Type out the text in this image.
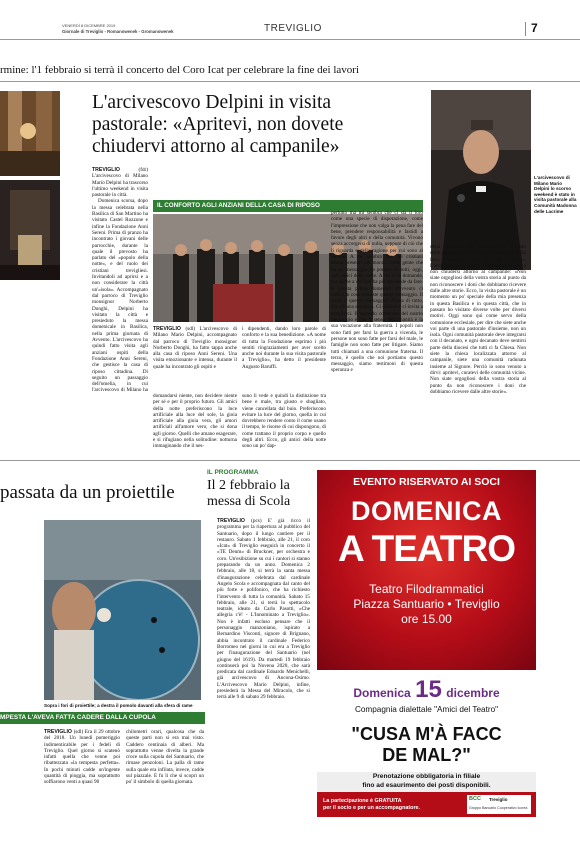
VENERDÌ 8 DICEMBRE 2019
Giornale di Treviglio - Romanowenek - Gromanowenek	TREVIGLIO	7
rmine: l'1 febbraio si terrà il concerto del Coro Icat per celebrare la fine dei lavori
L'arcivescovo Delpini in visita
pastorale: «Apritevi, non dovete
chiudervi attorno al campanile»
L'arcivescovo di Milano Mario Delpini lo scorso weekend è stato in visita pastorale alla Comunità Madonna delle Lacrime

TREVIGLIO	(fdr) L'arcivescovo di Milano Mario Delpini ha trascorso l'ultimo weekend in visita pastorale in città.

Domenica scorsa, dopo la messa celebrata nella Basilica di San Martino ha visitato Castel Rozzone e infine la Fondazione Anni Sereni. Prima di pranzo ha incontrato i giovani delle parrocchie, durante la quale il prevosto ha parlato del «popolo della notte», e del ruolo dei cristiani trevigliesi. Invitandoli ad aprirsi e a non considerare la città un'«isola». Accompagnato dal parroco di Treviglio monsignor Norberto Donghi, Delpini ha visitato la città e presieduto la messa domenicale in Basilica, nella prima giornata di Avvento. L'arcivescovo ha quindi fatto visita agli anziani ospiti della Fondazione Anni Sereni, che gestisce la casa di riposo cittadina. Di seguito un passaggio dell'omelia, in cui l'arcivescovo di Milano ha

IL CONFORTO AGLI ANZIANI DELLA CASA DI RIPOSO

TREVIGLIO (sdl) L'arcivescovo di Milano Mario Delpini, accompagnato dal parroco di Treviglio monsignor Norberto Donghi, ha fatto tappa anche alla casa di riposo Anni Sereni. Una visita emozionante e intensa, durante il quale ha incontrato gli ospiti e

i dipendenti, dando loro parole di conforto e la sua benedizione. «A nome di tutta la Fondazione esprimo i più sentiti ringraziamenti per aver scelto anche noi durante la sua visita pastorale a Treviglio», ha detto il presidente Augusto Baruffi.

domandarsi niente, non decidere niente per sé e per il proprio futuro. Gli amici della notte preferiscono la luce artificiale alla luce del sole, la gioia artificiale alla gioia vera, gli amori artificiali all'amore vero, che si dona agli giorno. Quelli che amano esagerare, e si rifugiano nella solitudine: notturna immaginando che il nes-

suno li vede e quindi la distinzione tra bene e male, tra giusto e sbagliato, viene cancellata dal buio. Preferiscono evitare la luce del giorno, quella in cui dovrebbero rendere conto il come usano il tempo, le risorse di cui dispongono, di come trattano il proprio corpo e quello degli altri. Ecco, gli amici della notte sono un po' dap-

pertutto ma mi sembra che ci sia il loro come una specie di disperazione, come l'impressione che non valga la pena fare del bene, prendere responsabilità e fastidi a favore degli altri e della comunità. Vivono senza accorgersi di nulla, neppure di ciò che li riguarda e della ragione per cui sono al mondo. A me sembra che noi cristiani siamo presenti nel mondo come gente che ha un messaggio da portare. E tutti, oggi, agli amici della notte. A chi si la domande, ma anche a chi non ha più domande da fare. E questa prima domenica d'avvento ci indica in cosa consiste questo messaggio. Il quale è questo messaggio? Prima di tutto, che c'è una speranza. Ci chiama e ci invita a svegliarci. Il secondo contenuto del nostro messaggio è che il senso dell'umanità è la sua vocazione alla fraternità. I popoli non sono fatti per farsi la guerra a vicenda, le persone non sono fatte per farsi del male, le famiglie non sono fatte per litigare. Siamo tutti chiamati a una comunione fraterna. Il terzo, è quello che noi portiamo questo messaggio, siamo testimoni di questa speranza e

della vocazione alla fraternità non facendo delle parole, ma rivestendoci delle opere della luce. Vivendo come lui ha vissuto». L'arcivescovo ha quindi esortato i trevigliesi a non chiudersi attorno al campanile: «Non siate orgogliosi della vostra storia al punto da non riconoscere i doni che dobbiamo ricevere dalle altre storie. Ecco, la visita pastorale è un momento un po' speciale della mia presenza in questa Basilica e in questa città, che in passato ho visitato diverse volte per diversi motivi. Oggi sono qui come servo della comunione ecclesiale, per dire che siete anche voi parte di una pastorale d'insieme, non un isola. Ogni comunità pastorale deve integrarsi con il decanato, e ogni decanato deve sentirsi parte della diocesi che tutti ci fa Chiesa. Non siete la chiesa localizzata attorno al campanile, siete una comunità radunata insieme al Signore. Perciò io sono venuto a dirvi: apritevi, curatevi delle comunità vicine. Non siate orgogliosi della vostra storia al punto da non riconoscere i doni che dobbiamo ricevere dalle altre storie».

passata da un proiettile
Sopra i fori di proiettile; a destra il pomolo davanti alla sfera di rame
MPESTA L'AVEVA FATTA CADERE DALLA CUPOLA

TREVIGLIO (sdl) Era il 29 ottobre del 2018. Un lunedì pomeriggio indimenticabile per i fedeli di Treviglio. Quel giorno si scatenò infatti quella che venne poi ribattezzata «la tempesta perfetta». In pochi minuti cadde un'ingente quantità di pioggia, ma soprattutto soffiarono venti a quasi 90

chilometri orari, qualcosa che da queste parti non si era mai visto. Caddero centinaia di alberi. Ma soprattutto venne divelta la grande croce sulla cupola del Santuario, che rimase penzoloni. La palla di rame sulla quale era infilata, invece, cadde sul piazzale. E fu lì che si scoprì un po' il simbolo di quella giornata.

IL PROGRAMMA
Il 2 febbraio la
messa di Scola

TREVIGLIO (pcs) E' già ricco il programma per la riapertura al pubblico del Santuario, dopo il lungo cantiere per il restauro. Sabato 1 febbraio, alle 21, il coro «Icat» di Treviglio eseguirà in concerto il «TE Deum» di Bruckner, per orchestra e coro. Un'esibizione su cui i cantori si stanno preparando da un anno. Domenica 2 febbraio, alle 18, si terrà la santa messa d'inaugurazione celebrata dal cardinale Angelo Scola e accompagnata dal canto del più forte e polifonico, che ha richiesto l'intervento di tutta la comunità. Sabato 15 febbraio, alle 21, si terrà lo spettacolo teatrale, ideato da Carlo Pasotti, «Che allegria c'è! - L'Innominato a Treviglio». Non è infatti escluso pensare che il personaggio manzoniano, ispirato a Bernardino Visconti, signore di Brignano, abbia incontrato il cardinale Federico Borromeo nel giorni in cui era a Treviglio per l'inaugurazione del Santuario (nel giugno del 1619). Da martedì 19 febbraio continuerà poi la Novena 2020, che sarà predicata dal cardinale Edoardo Menichelli, già arcivescovo di Ancona-Osimo. L'Arcivescovo Mario Delpini, infine, presiederà la Messa del Miracolo, che si terrà alle 9 di sabato 29 febbraio.

EVENTO RISERVATO AI SOCI
DOMENICA
A TEATRO
Teatro Filodrammatici
Piazza Santuario • Treviglio
ore 15.00
Domenica 15 dicembre
Compagnia dialettale "Amici del Teatro"
"CUSA M'À FACC
DE MAL?"
Prenotazione obbligatoria in filiale
fino ad esaurimento dei posti disponibili.
La partecipazione è GRATUITA
per il socio e per un accompagnatore.
BCC Treviglio
Gruppo Bancario Cooperativo Iccrea
